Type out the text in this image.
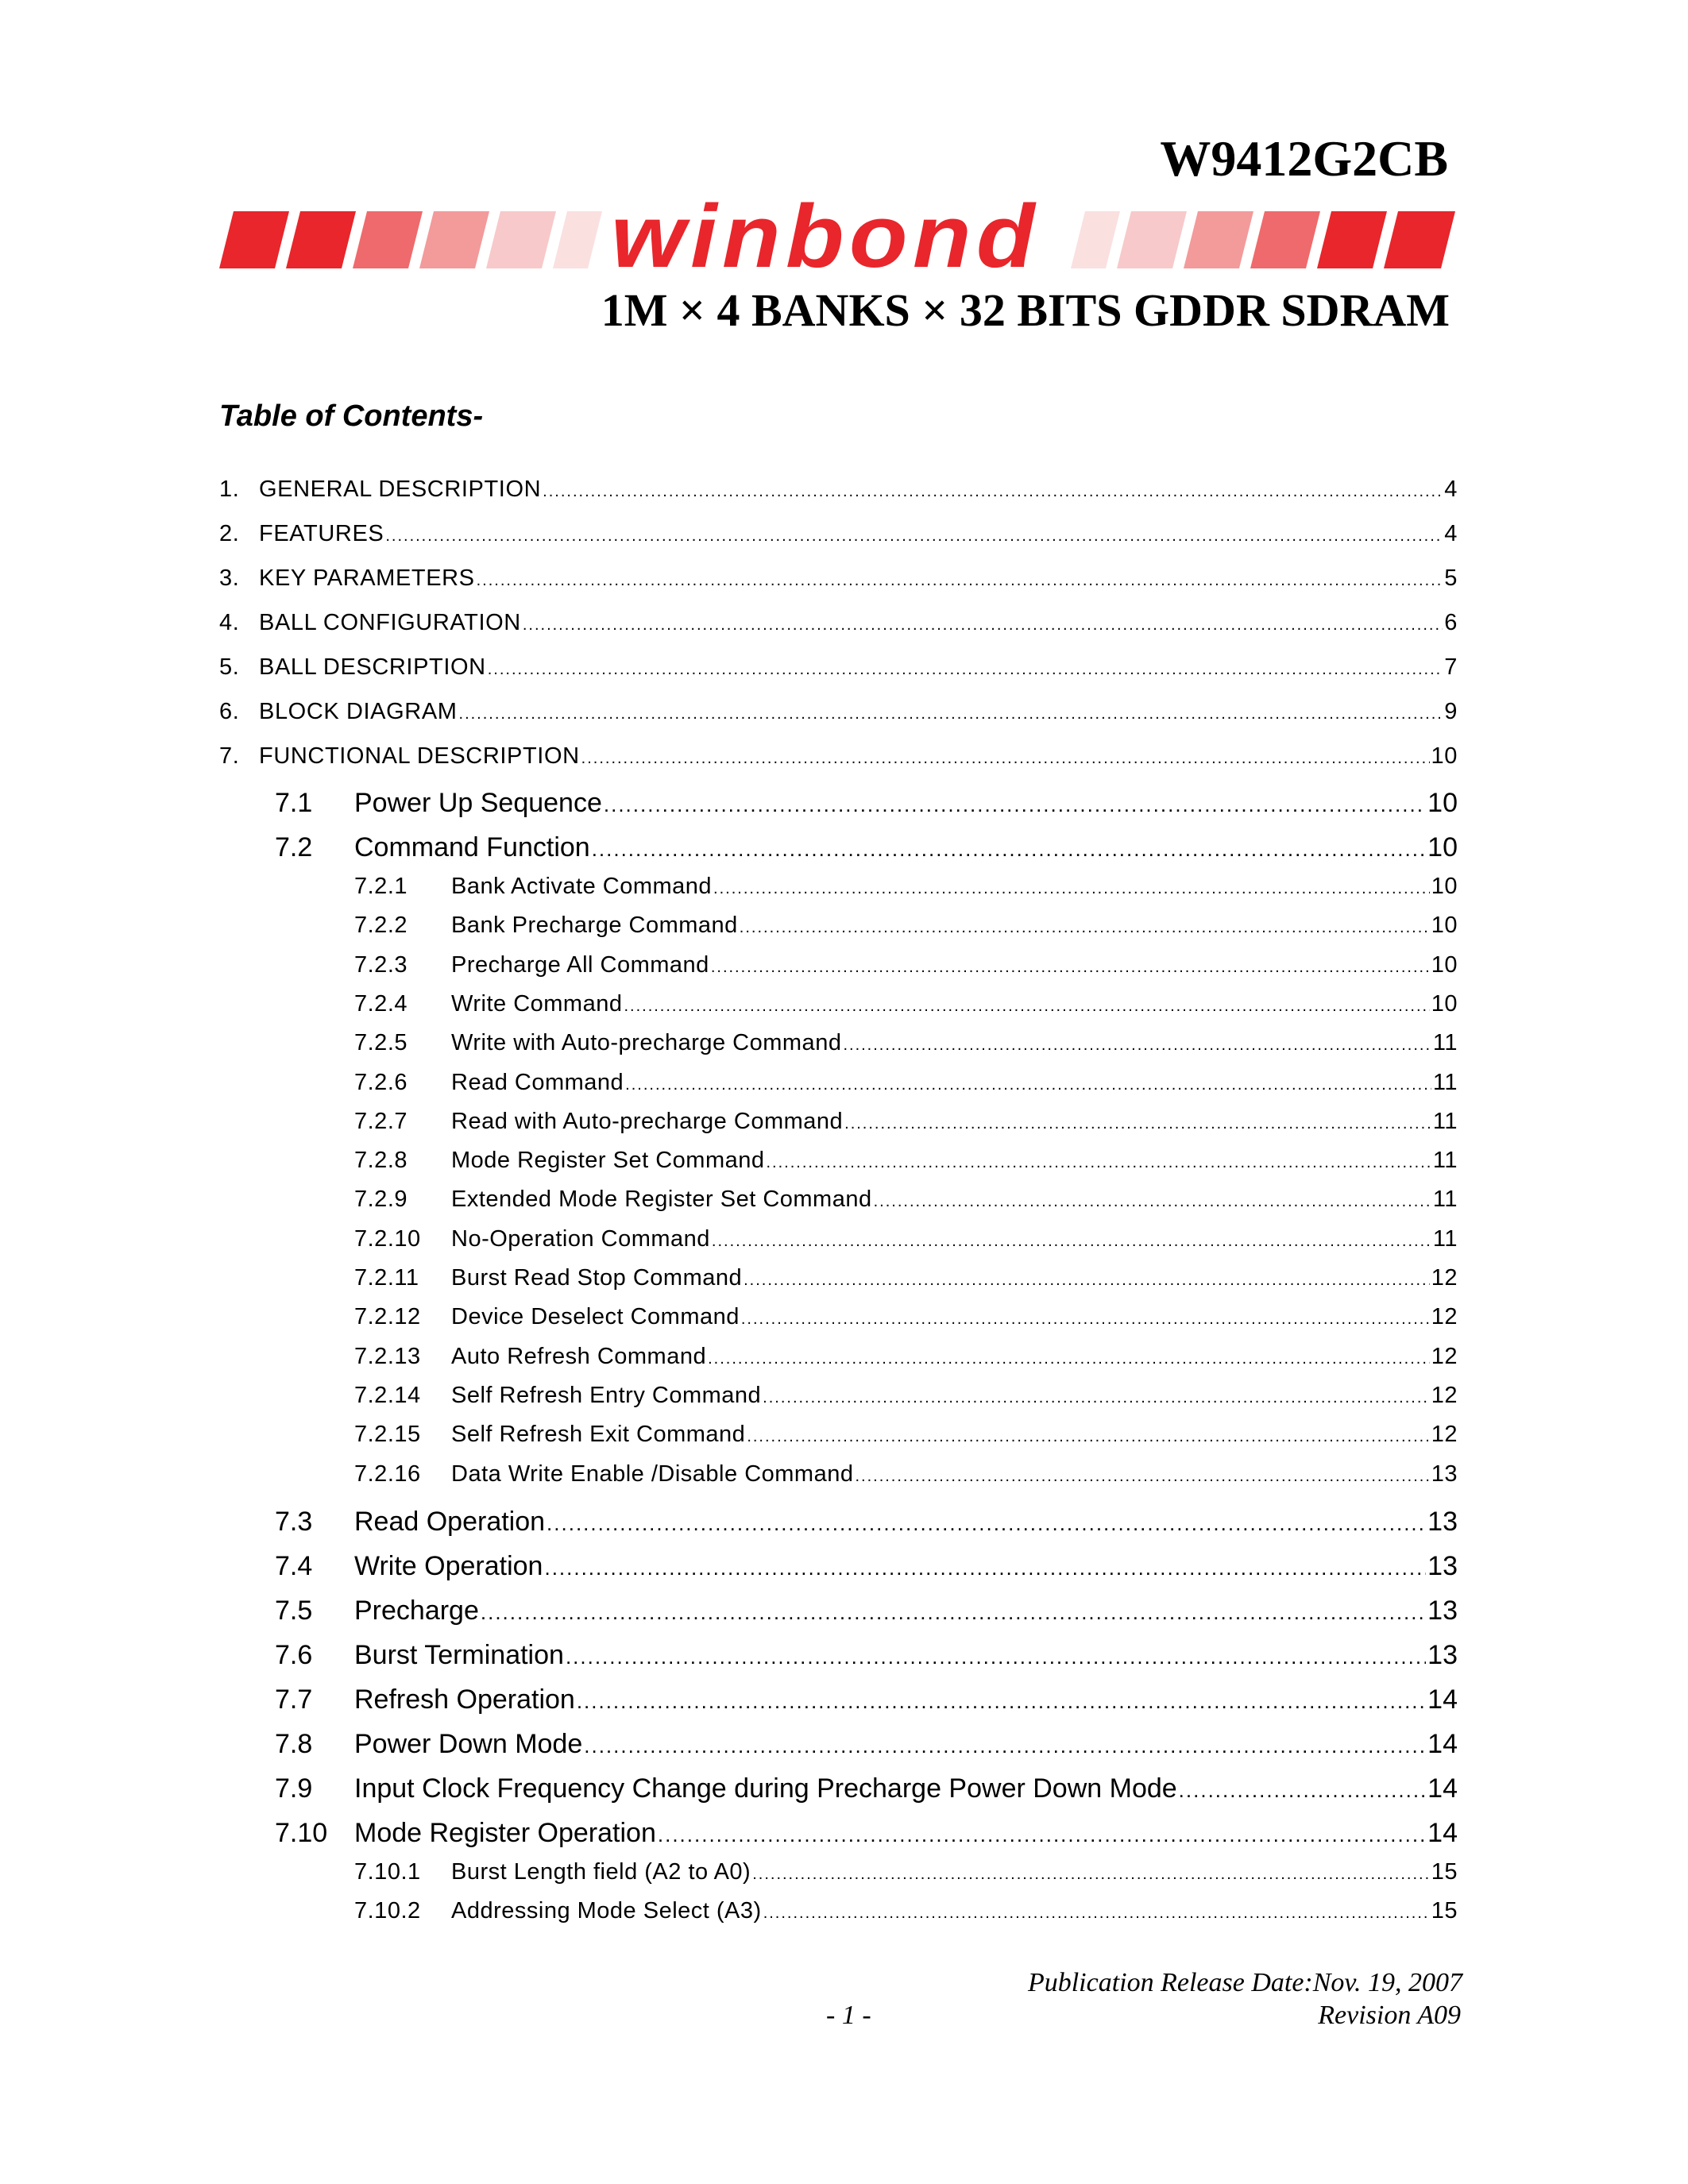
W9412G2CB
winbond
1M × 4 BANKS × 32 BITS GDDR SDRAM
Table of Contents-
1. GENERAL DESCRIPTION .....	4
2. FEATURES .....	4
3. KEY PARAMETERS .....	5
4. BALL CONFIGURATION .....	6
5. BALL DESCRIPTION .....	7
6. BLOCK DIAGRAM .....	9
7. FUNCTIONAL DESCRIPTION .....	10
7.1	Power Up Sequence .....	10
7.2	Command Function .....	10
7.2.1	Bank Activate Command .....	10
7.2.2	Bank Precharge Command .....	10
7.2.3	Precharge All Command .....	10
7.2.4	Write Command .....	10
7.2.5	Write with Auto-precharge Command .....	11
7.2.6	Read Command .....	11
7.2.7	Read with Auto-precharge Command .....	11
7.2.8	Mode Register Set Command .....	11
7.2.9	Extended Mode Register Set Command .....	11
7.2.10	No-Operation Command .....	11
7.2.11	Burst Read Stop Command .....	12
7.2.12	Device Deselect Command .....	12
7.2.13	Auto Refresh Command .....	12
7.2.14	Self Refresh Entry Command .....	12
7.2.15	Self Refresh Exit Command .....	12
7.2.16	Data Write Enable /Disable Command .....	13
7.3	Read Operation .....	13
7.4	Write Operation .....	13
7.5	Precharge .....	13
7.6	Burst Termination .....	13
7.7	Refresh Operation .....	14
7.8	Power Down Mode .....	14
7.9	Input Clock Frequency Change during Precharge Power Down Mode .....	14
7.10 Mode Register Operation .....	14
7.10.1	Burst Length field (A2 to A0) .....	15
7.10.2	Addressing Mode Select (A3) .....	15
Publication Release Date:Nov. 19, 2007
- 1 -	Revision A09
